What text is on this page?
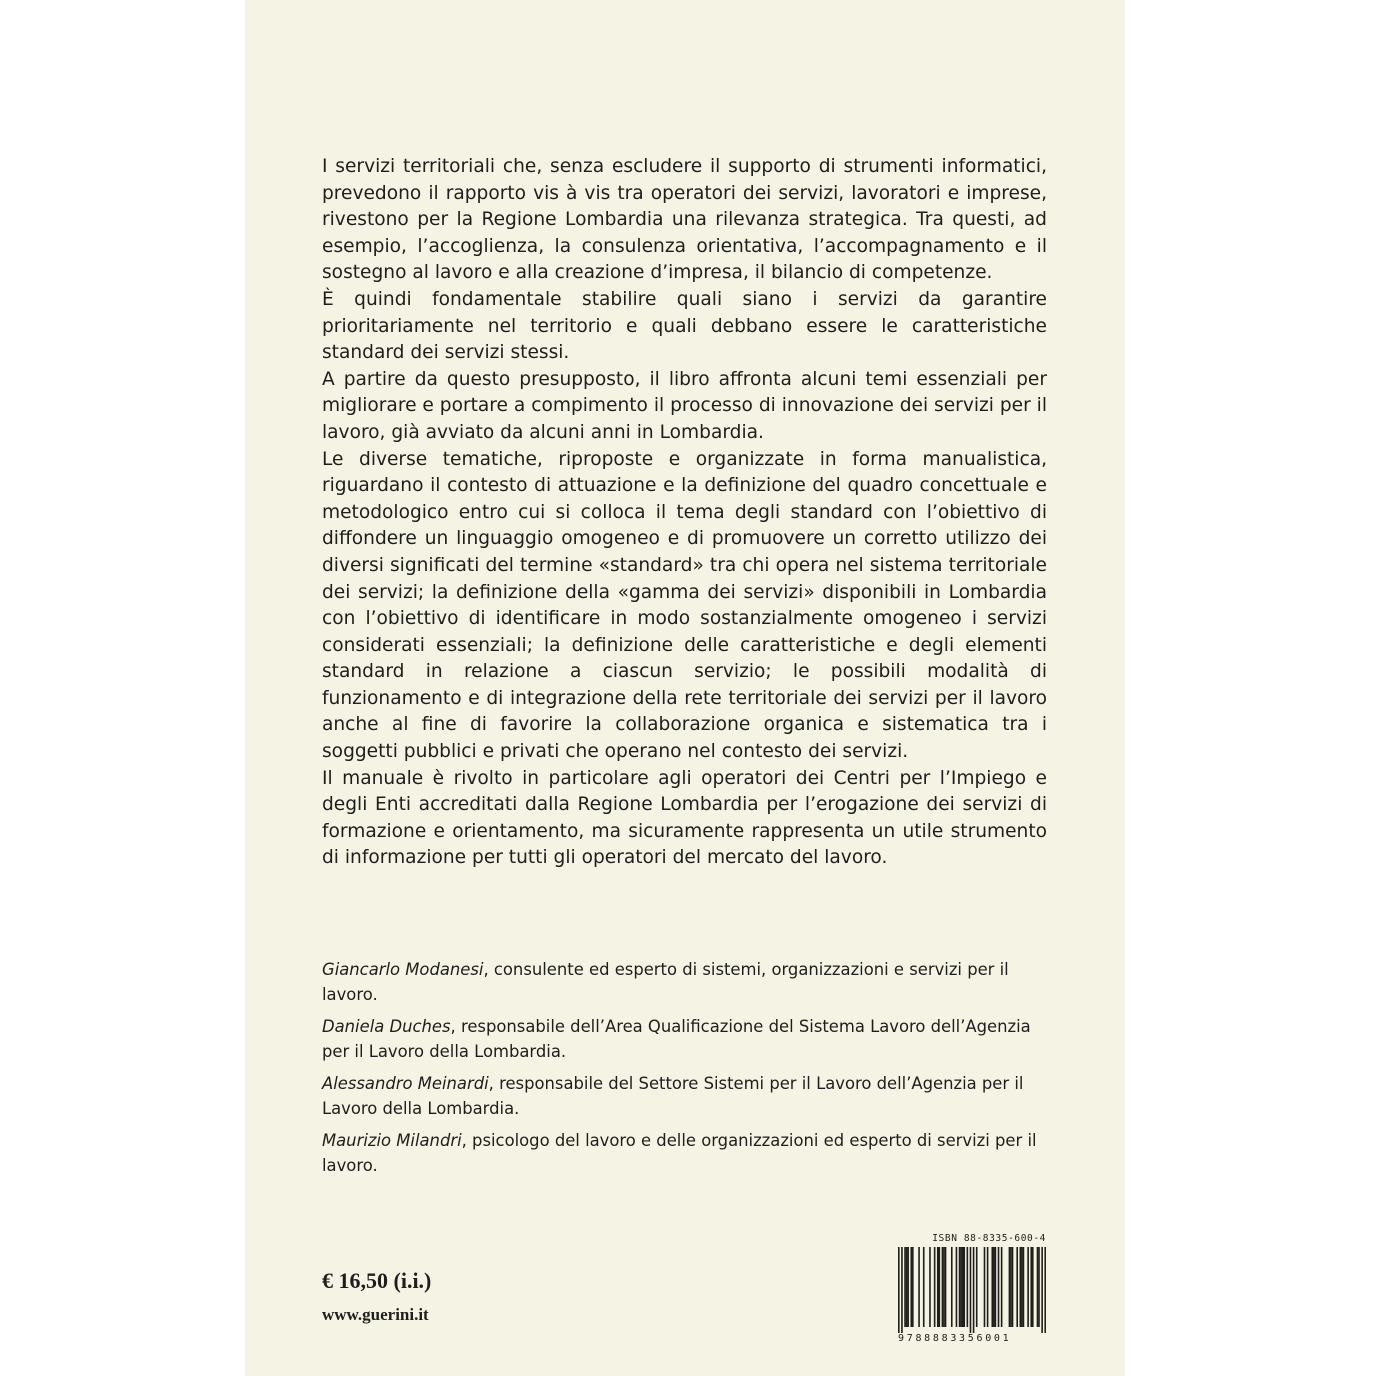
I servizi territoriali che, senza escludere il supporto di strumenti informatici, prevedono il rapporto vis à vis tra operatori dei servizi, lavoratori e imprese, rivestono per la Regione Lombardia una rilevanza strategica. Tra questi, ad esempio, l’accoglienza, la consulenza orientativa, l’accompagnamento e il sostegno al lavoro e alla creazione d’impresa, il bilancio di competenze.

È quindi fondamentale stabilire quali siano i servizi da garantire prioritariamente nel territorio e quali debbano essere le caratteristiche standard dei servizi stessi.

A partire da questo presupposto, il libro affronta alcuni temi essenziali per migliorare e portare a compimento il processo di innovazione dei servizi per il lavoro, già avviato da alcuni anni in Lombardia.

Le diverse tematiche, riproposte e organizzate in forma manualistica, riguardano il contesto di attuazione e la definizione del quadro concettuale e metodologico entro cui si colloca il tema degli standard con l’obiettivo di diffondere un linguaggio omogeneo e di promuovere un corretto utilizzo dei diversi significati del termine «standard» tra chi opera nel sistema territoriale dei servizi; la definizione della «gamma dei servizi» disponibili in Lombardia con l’obiettivo di identificare in modo sostanzialmente omogeneo i servizi considerati essenziali; la definizione delle caratteristiche e degli elementi standard in relazione a ciascun servizio; le possibili modalità di funzionamento e di integrazione della rete territoriale dei servizi per il lavoro anche al fine di favorire la collaborazione organica e sistematica tra i soggetti pubblici e privati che operano nel contesto dei servizi.

Il manuale è rivolto in particolare agli operatori dei Centri per l’Impiego e degli Enti accreditati dalla Regione Lombardia per l’erogazione dei servizi di formazione e orientamento, ma sicuramente rappresenta un utile strumento di informazione per tutti gli operatori del mercato del lavoro.

Giancarlo Modanesi, consulente ed esperto di sistemi, organizzazioni e servizi per il lavoro.

Daniela Duches, responsabile dell’Area Qualificazione del Sistema Lavoro dell’Agenzia per il Lavoro della Lombardia.

Alessandro Meinardi, responsabile del Settore Sistemi per il Lavoro dell’Agenzia per il Lavoro della Lombardia.

Maurizio Milandri, psicologo del lavoro e delle organizzazioni ed esperto di servizi per il lavoro.

€ 16,50 (i.i.)
www.guerini.it
ISBN 88-8335-600-4
9788883356001
